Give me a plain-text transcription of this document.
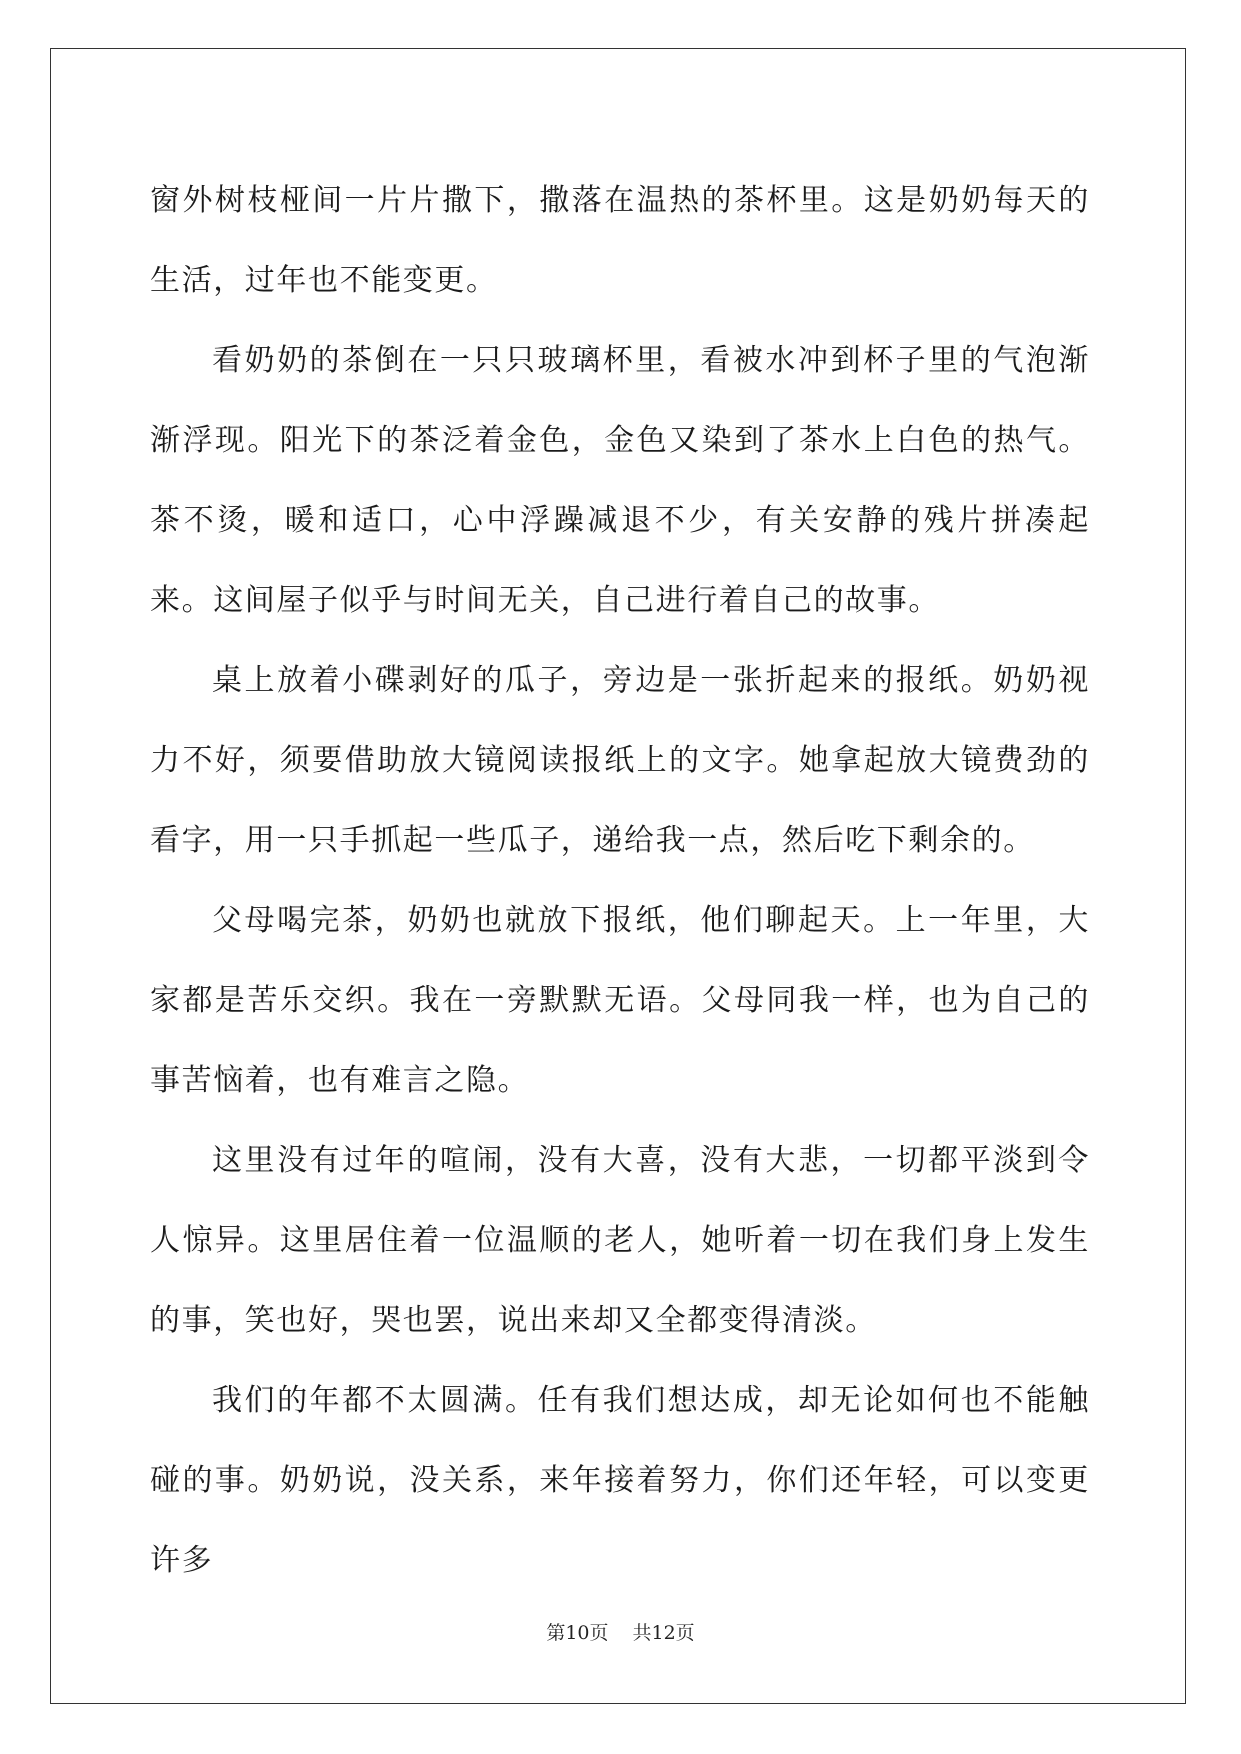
窗外树枝桠间一片片撒下，撒落在温热的茶杯里。这是奶奶每天的生活，过年也不能变更。

看奶奶的茶倒在一只只玻璃杯里，看被水冲到杯子里的气泡渐渐浮现。阳光下的茶泛着金色，金色又染到了茶水上白色的热气。茶不烫，暖和适口，心中浮躁减退不少，有关安静的残片拼凑起来。这间屋子似乎与时间无关，自己进行着自己的故事。

桌上放着小碟剥好的瓜子，旁边是一张折起来的报纸。奶奶视力不好，须要借助放大镜阅读报纸上的文字。她拿起放大镜费劲的看字，用一只手抓起一些瓜子，递给我一点，然后吃下剩余的。

父母喝完茶，奶奶也就放下报纸，他们聊起天。上一年里，大家都是苦乐交织。我在一旁默默无语。父母同我一样，也为自己的事苦恼着，也有难言之隐。

这里没有过年的喧闹，没有大喜，没有大悲，一切都平淡到令人惊异。这里居住着一位温顺的老人，她听着一切在我们身上发生的事，笑也好，哭也罢，说出来却又全都变得清淡。

我们的年都不太圆满。任有我们想达成，却无论如何也不能触碰的事。奶奶说，没关系，来年接着努力，你们还年轻，可以变更许多

第10页 共12页
